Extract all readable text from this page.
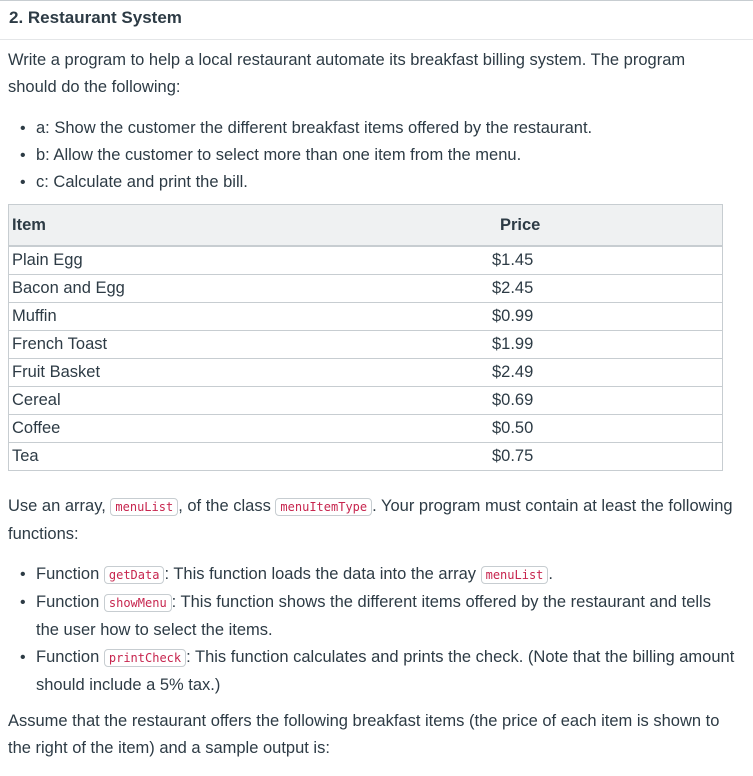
2. Restaurant System

Write a program to help a local restaurant automate its breakfast billing system. The program should do the following:

• a: Show the customer the different breakfast items offered by the restaurant.
• b: Allow the customer to select more than one item from the menu.
• c: Calculate and print the bill.
Item	Price
Plain Egg	$1.45
Bacon and Egg	$2.45
Muffin	$0.99
French Toast	$1.99
Fruit Basket	$2.49
Cereal	$0.69
Coffee	$0.50
Tea	$0.75

Use an array, menuList , of the class menuItemType . Your program must contain at least the following functions:

• Function getData : This function loads the data into the array menuList .
• Function showMenu : This function shows the different items offered by the restaurant and tells the user how to select the items.
• Function printCheck : This function calculates and prints the check. (Note that the billing amount should include a 5% tax.)

Assume that the restaurant offers the following breakfast items (the price of each item is shown to the right of the item) and a sample output is:
